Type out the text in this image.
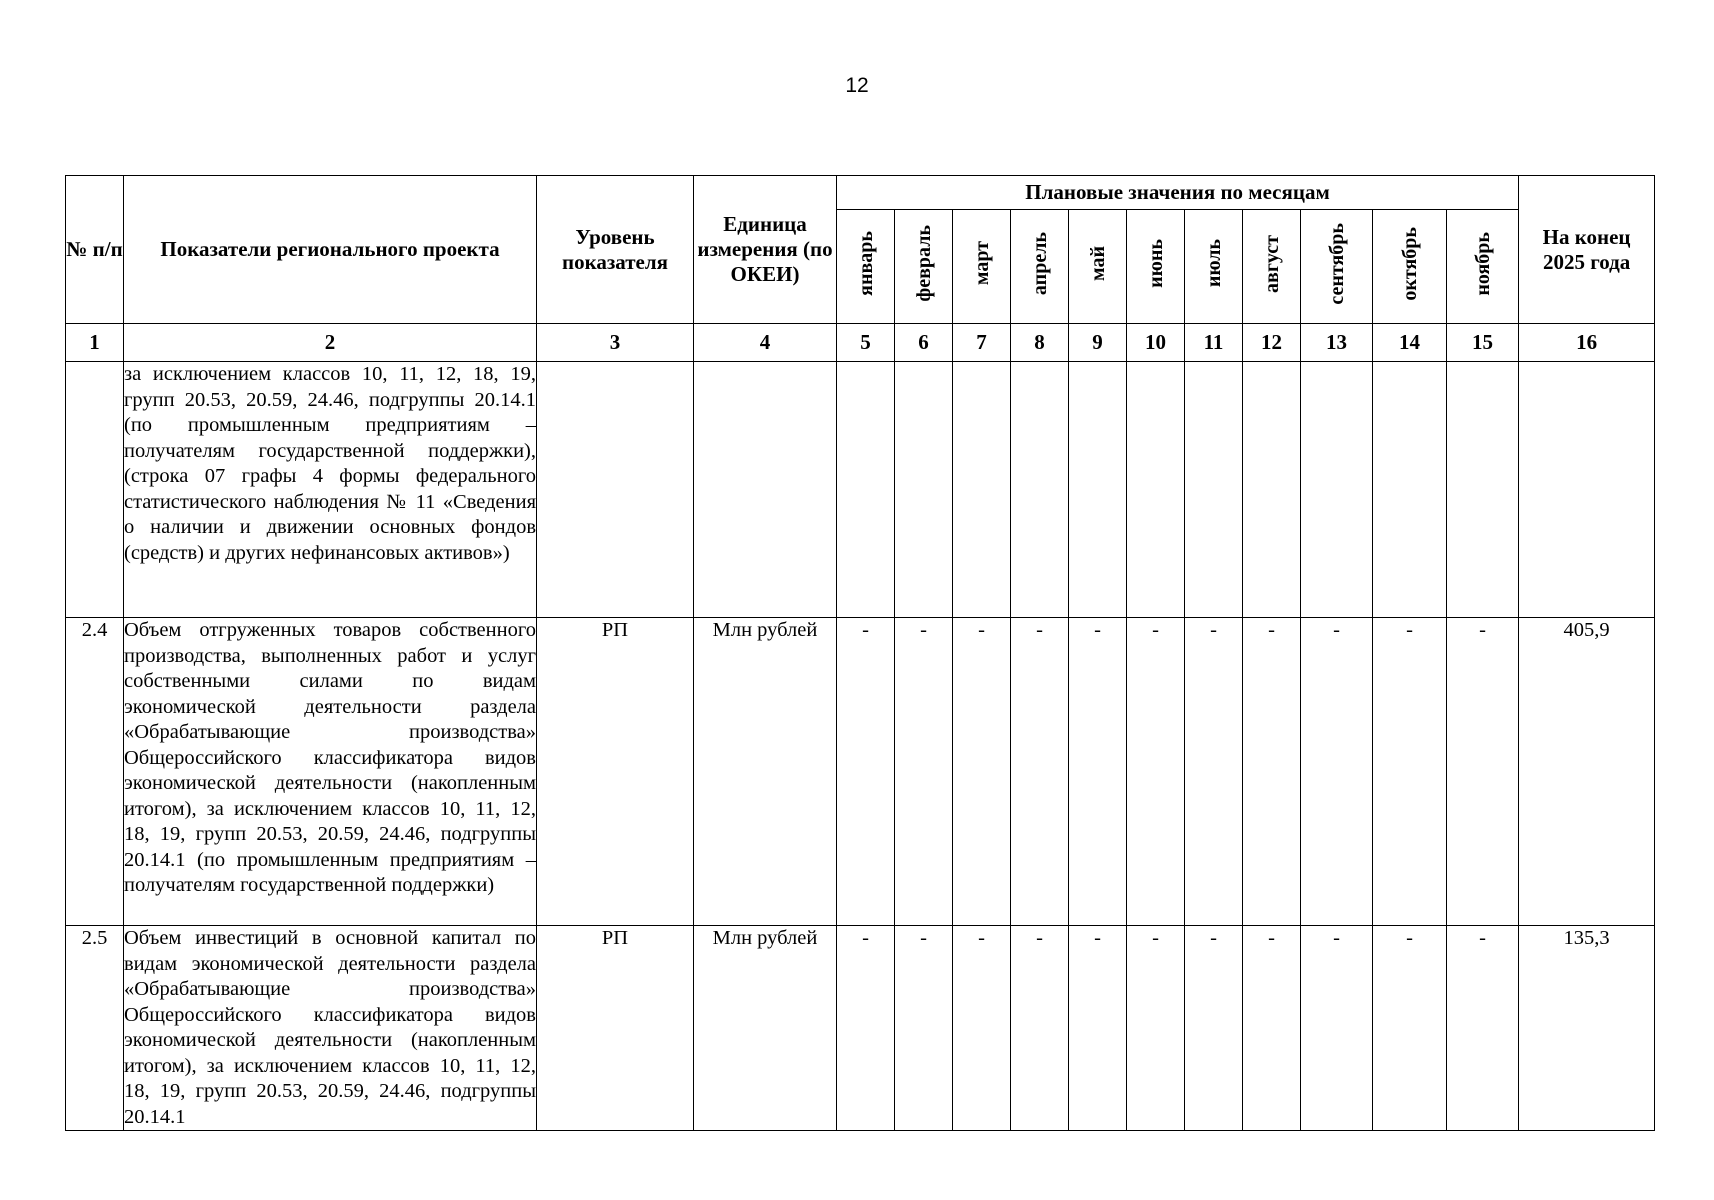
12
№ п/п	Показатели регионального проекта	Уровень показателя	Единица измерения (по ОКЕИ)	Плановые значения по месяцам											На конец 2025 года
				январь	февраль	март	апрель	май	июнь	июль	август	сентябрь	октябрь	ноябрь	
1	2	3	4	5	6	7	8	9	10	11	12	13	14	15	16
	за исключением классов 10, 11, 12, 18, 19, групп 20.53, 20.59, 24.46, подгруппы 20.14.1 (по промышленным предприятиям – получателям государственной поддержки), (строка 07 графы 4 формы федерального статистического наблюдения № 11 «Сведения о наличии и движении основных фондов (средств) и других нефинансовых активов»)														
2.4	Объем отгруженных товаров собственного производства, выполненных работ и услуг собственными силами по видам экономической деятельности раздела «Обрабатывающие производства» Общероссийского классификатора видов экономической деятельности (накопленным итогом), за исключением классов 10, 11, 12, 18, 19, групп 20.53, 20.59, 24.46, подгруппы 20.14.1 (по промышленным предприятиям – получателям государственной поддержки)	РП	Млн рублей	-	-	-	-	-	-	-	-	-	-	-	405,9
2.5	Объем инвестиций в основной капитал по видам экономической деятельности раздела «Обрабатывающие производства» Общероссийского классификатора видов экономической деятельности (накопленным итогом), за исключением классов 10, 11, 12, 18, 19, групп 20.53, 20.59, 24.46, подгруппы 20.14.1	РП	Млн рублей	-	-	-	-	-	-	-	-	-	-	-	135,3
